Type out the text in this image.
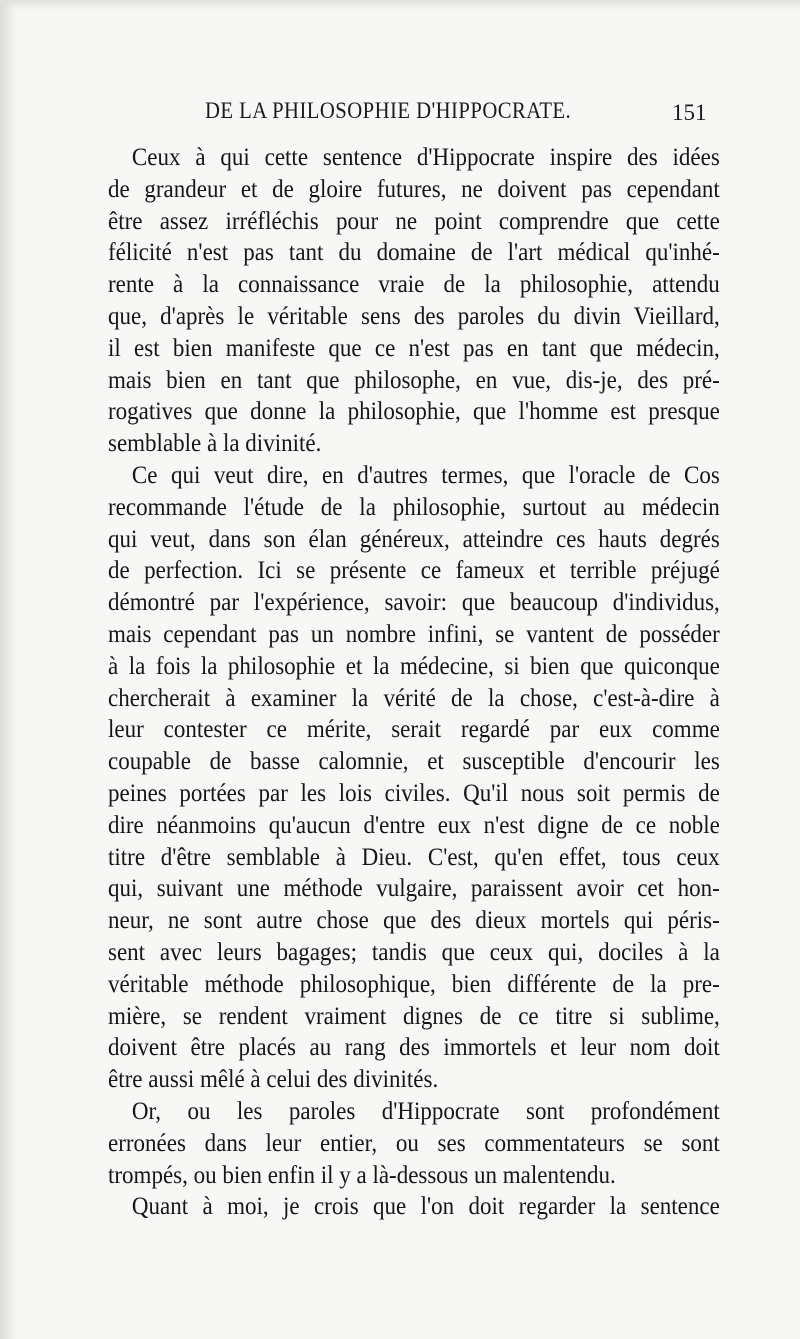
DE LA PHILOSOPHIE D'HIPPOCRATE.	151
Ceux à qui cette sentence d'Hippocrate inspire des idées
de grandeur et de gloire futures, ne doivent pas cependant
être assez irréfléchis pour ne point comprendre que cette
félicité n'est pas tant du domaine de l'art médical qu'inhé-
rente à la connaissance vraie de la philosophie, attendu
que, d'après le véritable sens des paroles du divin Vieillard,
il est bien manifeste que ce n'est pas en tant que médecin,
mais bien en tant que philosophe, en vue, dis-je, des pré-
rogatives que donne la philosophie, que l'homme est presque
semblable à la divinité.
Ce qui veut dire, en d'autres termes, que l'oracle de Cos
recommande l'étude de la philosophie, surtout au médecin
qui veut, dans son élan généreux, atteindre ces hauts degrés
de perfection. Ici se présente ce fameux et terrible préjugé
démontré par l'expérience, savoir: que beaucoup d'individus,
mais cependant pas un nombre infini, se vantent de posséder
à la fois la philosophie et la médecine, si bien que quiconque
chercherait à examiner la vérité de la chose, c'est-à-dire à
leur contester ce mérite, serait regardé par eux comme
coupable de basse calomnie, et susceptible d'encourir les
peines portées par les lois civiles. Qu'il nous soit permis de
dire néanmoins qu'aucun d'entre eux n'est digne de ce noble
titre d'être semblable à Dieu. C'est, qu'en effet, tous ceux
qui, suivant une méthode vulgaire, paraissent avoir cet hon-
neur, ne sont autre chose que des dieux mortels qui péris-
sent avec leurs bagages; tandis que ceux qui, dociles à la
véritable méthode philosophique, bien différente de la pre-
mière, se rendent vraiment dignes de ce titre si sublime,
doivent être placés au rang des immortels et leur nom doit
être aussi mêlé à celui des divinités.
Or, ou les paroles d'Hippocrate sont profondément
erronées dans leur entier, ou ses commentateurs se sont
trompés, ou bien enfin il y a là-dessous un malentendu.
Quant à moi, je crois que l'on doit regarder la sentence
